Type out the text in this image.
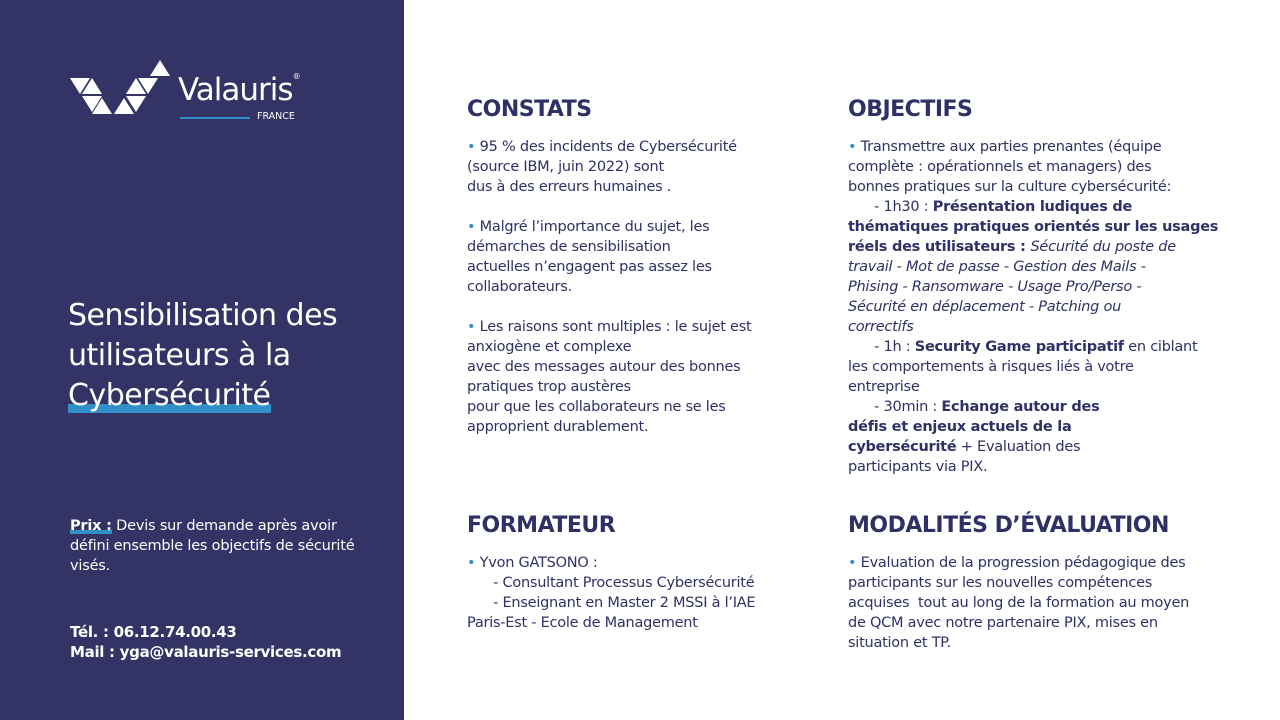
Valauris®
FRANCE
Sensibilisation des
utilisateurs à la
Cybersécurité
Prix : Devis sur demande après avoir défini ensemble les objectifs de sécurité visés.
Tél. : 06.12.74.00.43
Mail : yga@valauris-services.com
CONSTATS
• 95 % des incidents de Cybersécurité
(source IBM, juin 2022) sont
dus à des erreurs humaines .
• Malgré l’importance du sujet, les
démarches de sensibilisation
actuelles n’engagent pas assez les
collaborateurs.
• Les raisons sont multiples : le sujet est
anxiogène et complexe
avec des messages autour des bonnes
pratiques trop austères
pour que les collaborateurs ne se les
approprient durablement.
OBJECTIFS
• Transmettre aux parties prenantes (équipe
complète : opérationnels et managers) des
bonnes pratiques sur la culture cybersécurité:
- 1h30 : Présentation ludiques de
thématiques pratiques orientés sur les usages
réels des utilisateurs : Sécurité du poste de
travail - Mot de passe - Gestion des Mails -
Phising - Ransomware - Usage Pro/Perso -
Sécurité en déplacement - Patching ou
correctifs
- 1h : Security Game participatif en ciblant
les comportements à risques liés à votre
entreprise
- 30min : Echange autour des
défis et enjeux actuels de la
cybersécurité + Evaluation des
participants via PIX.
FORMATEUR
• Yvon GATSONO :
- Consultant Processus Cybersécurité
- Enseignant en Master 2 MSSI à l’IAE
Paris-Est - Ecole de Management
MODALITÉS D’ÉVALUATION
• Evaluation de la progression pédagogique des
participants sur les nouvelles compétences
acquises  tout au long de la formation au moyen
de QCM avec notre partenaire PIX, mises en
situation et TP.
